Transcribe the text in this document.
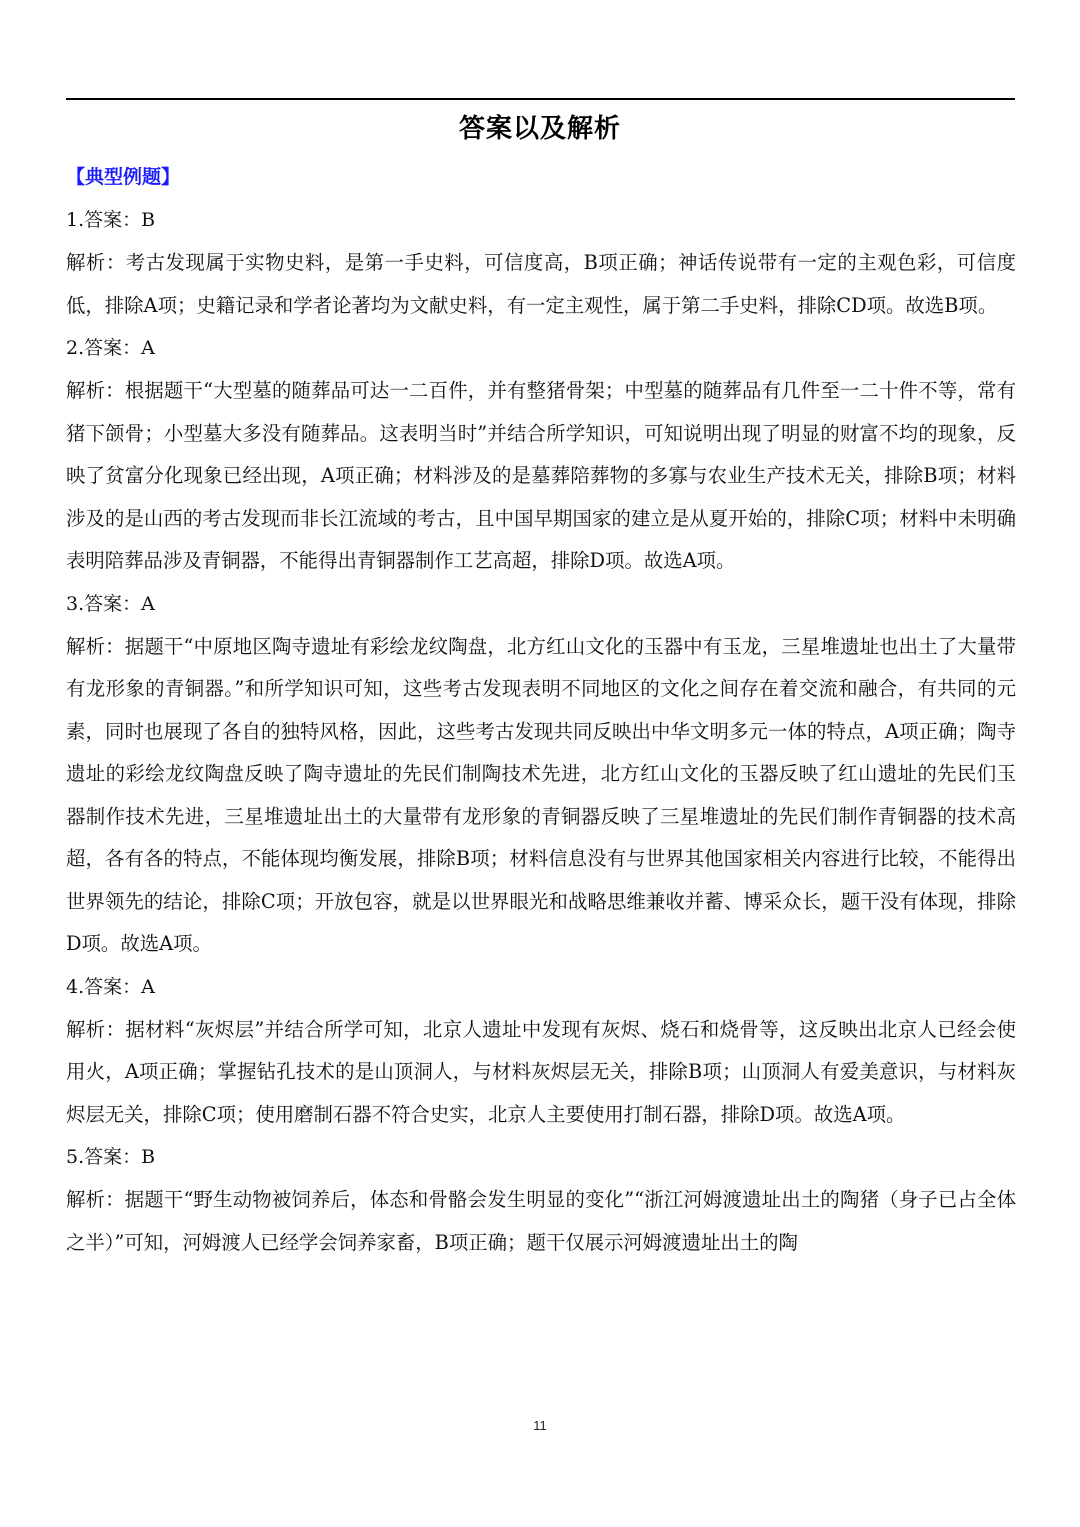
答案以及解析
【典型例题】
1.答案：B

解析：考古发现属于实物史料，是第一手史料，可信度高，B项正确；神话传说带有一定的主观色彩，可信度低，排除A项；史籍记录和学者论著均为文献史料，有一定主观性，属于第二手史料，排除CD项。故选B项。

2.答案：A

解析：根据题干“大型墓的随葬品可达一二百件，并有整猪骨架；中型墓的随葬品有几件至一二十件不等，常有猪下颌骨；小型墓大多没有随葬品。这表明当时”并结合所学知识，可知说明出现了明显的财富不均的现象，反映了贫富分化现象已经出现，A项正确；材料涉及的是墓葬陪葬物的多寡与农业生产技术无关，排除B项；材料涉及的是山西的考古发现而非长江流域的考古，且中国早期国家的建立是从夏开始的，排除C项；材料中未明确表明陪葬品涉及青铜器，不能得出青铜器制作工艺高超，排除D项。故选A项。

3.答案：A

解析：据题干“中原地区陶寺遗址有彩绘龙纹陶盘，北方红山文化的玉器中有玉龙，三星堆遗址也出土了大量带有龙形象的青铜器。”和所学知识可知，这些考古发现表明不同地区的文化之间存在着交流和融合，有共同的元素，同时也展现了各自的独特风格，因此，这些考古发现共同反映出中华文明多元一体的特点，A项正确；陶寺遗址的彩绘龙纹陶盘反映了陶寺遗址的先民们制陶技术先进，北方红山文化的玉器反映了红山遗址的先民们玉器制作技术先进，三星堆遗址出土的大量带有龙形象的青铜器反映了三星堆遗址的先民们制作青铜器的技术高超，各有各的特点，不能体现均衡发展，排除B项；材料信息没有与世界其他国家相关内容进行比较，不能得出世界领先的结论，排除C项；开放包容，就是以世界眼光和战略思维兼收并蓄、博采众长，题干没有体现，排除D项。故选A项。

4.答案：A

解析：据材料“灰烬层”并结合所学可知，北京人遗址中发现有灰烬、烧石和烧骨等，这反映出北京人已经会使用火，A项正确；掌握钻孔技术的是山顶洞人，与材料灰烬层无关，排除B项；山顶洞人有爱美意识，与材料灰烬层无关，排除C项；使用磨制石器不符合史实，北京人主要使用打制石器，排除D项。故选A项。

5.答案：B

解析：据题干“野生动物被饲养后，体态和骨骼会发生明显的变化”“浙江河姆渡遗址出土的陶猪（身子已占全体之半）”可知，河姆渡人已经学会饲养家畜，B项正确；题干仅展示河姆渡遗址出土的陶

11
